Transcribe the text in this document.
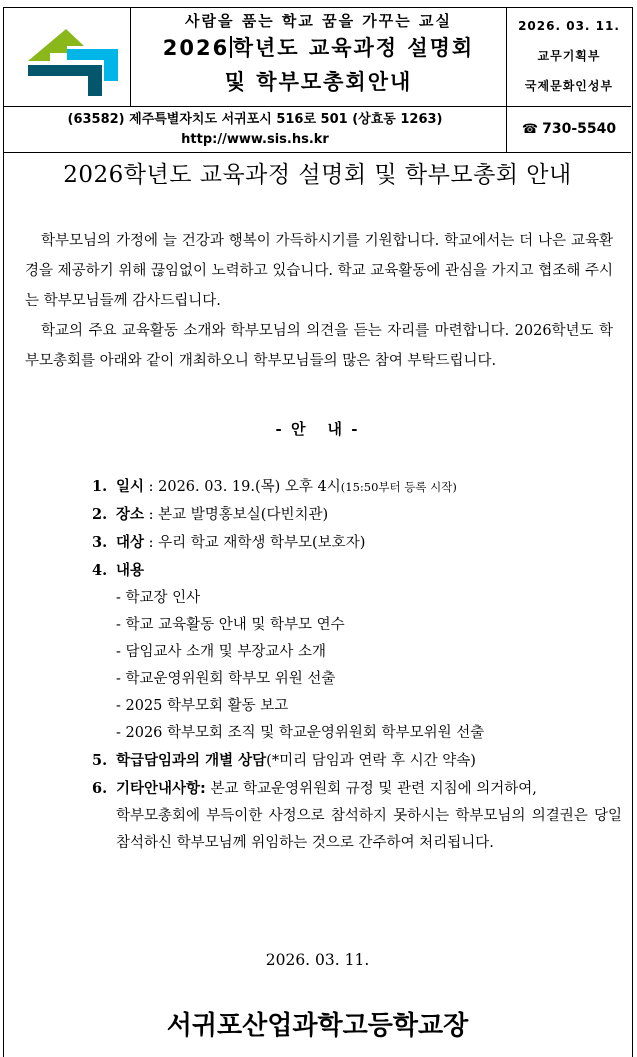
사람을 품는 학교 꿈을 가꾸는 교실
2026 학년도 교육과정 설명회
및 학부모총회안내
2026. 03. 11.
교무기획부
국제문화인성부
(63582) 제주특별자치도 서귀포시 516로 501 (상효동 1263)
http://www.sis.hs.kr
☎ 730-5540
2026학년도 교육과정 설명회 및 학부모총회 안내

학부모님의 가정에 늘 건강과 행복이 가득하시기를 기원합니다. 학교에서는 더 나은 교육환경을 제공하기 위해 끊임없이 노력하고 있습니다. 학교 교육활동에 관심을 가지고 협조해 주시는 학부모님들께 감사드립니다.

학교의 주요 교육활동 소개와 학부모님의 의견을 듣는 자리를 마련합니다. 2026학년도 학부모총회를 아래와 같이 개최하오니 학부모님들의 많은 참여 부탁드립니다.

- 안 내 -
1. 일시 : 2026. 03. 19.(목) 오후 4시(15:50부터 등록 시작)
2. 장소 : 본교 발명홍보실(다빈치관)
3. 대상 : 우리 학교 재학생 학부모(보호자)
4. 내용
- 학교장 인사
- 학교 교육활동 안내 및 학부모 연수
- 담임교사 소개 및 부장교사 소개
- 학교운영위원회 학부모 위원 선출
- 2025 학부모회 활동 보고
- 2026 학부모회 조직 및 학교운영위원회 학부모위원 선출
5. 학급담임과의 개별 상담(*미리 담임과 연락 후 시간 약속)
6. 기타안내사항: 본교 학교운영위원회 규정 및 관련 지침에 의거하여,
학부모총회에 부득이한 사정으로 참석하지 못하시는 학부모님의 의결권은 당일 참석하신 학부모님께 위임하는 것으로 간주하여 처리됩니다.
2026. 03. 11.
서귀포산업과학고등학교장
